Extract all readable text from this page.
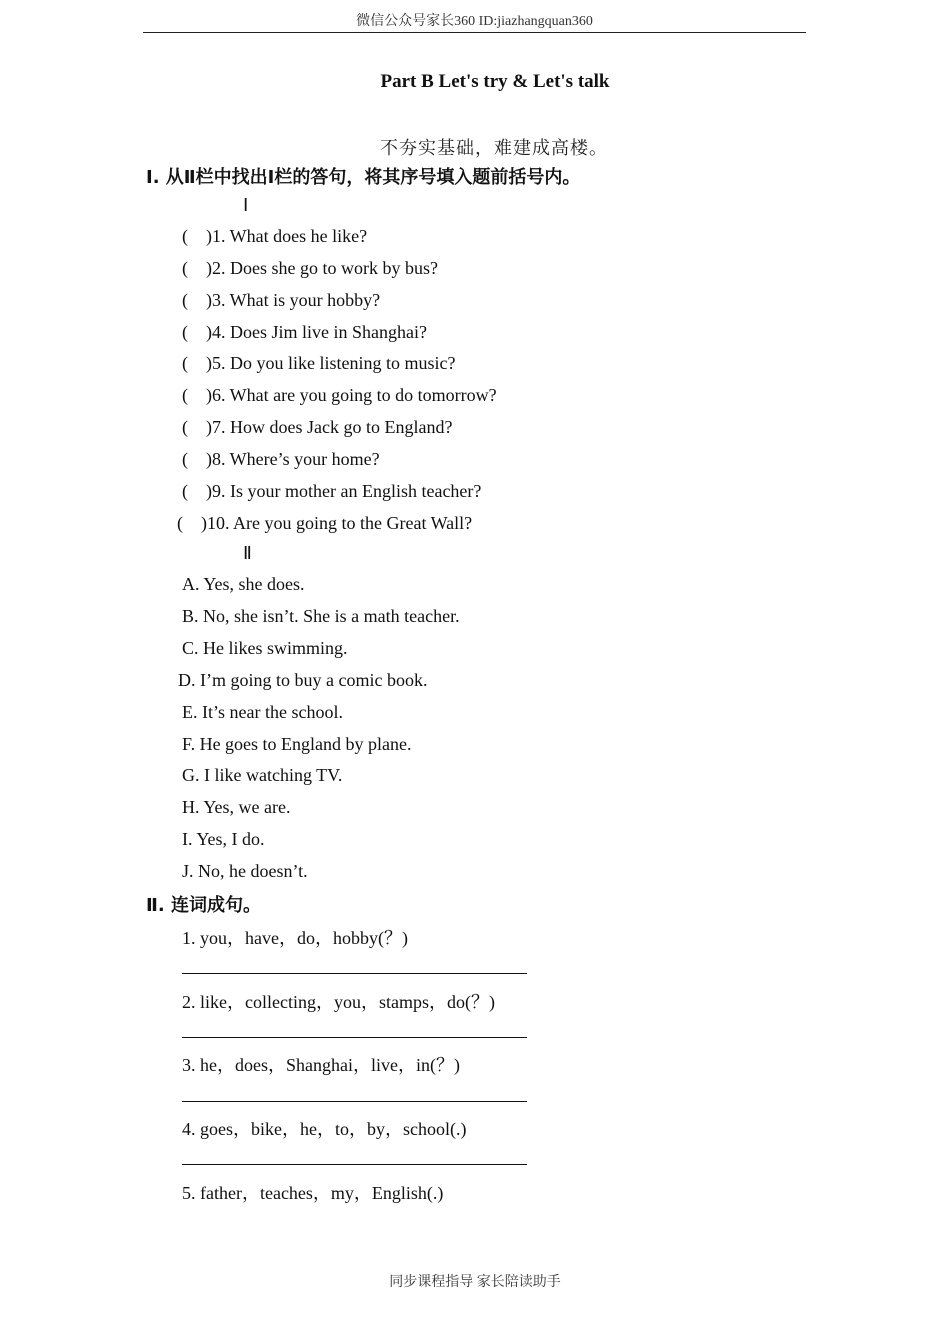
微信公众号家长360 ID:jiazhangquan360
Part B Let's try & Let's talk
不夯实基础，难建成高楼。
Ⅰ. 从Ⅱ栏中找出Ⅰ栏的答句，将其序号填入题前括号内。
Ⅰ
(    )1. What does he like?
(    )2. Does she go to work by bus?
(    )3. What is your hobby?
(    )4. Does Jim live in Shanghai?
(    )5. Do you like listening to music?
(    )6. What are you going to do tomorrow?
(    )7. How does Jack go to England?
(    )8. Where’s your home?
(    )9. Is your mother an English teacher?
(    )10. Are you going to the Great Wall?
Ⅱ
A. Yes, she does.
B. No, she isn’t. She is a math teacher.
C. He likes swimming.
D. I’m going to buy a comic book.
E. It’s near the school.
F. He goes to England by plane.
G. I like watching TV.
H. Yes, we are.
I. Yes, I do.
J. No, he doesn’t.
Ⅱ. 连词成句。
1. you，have，do，hobby(？)
2. like，collecting，you，stamps，do(？)
3. he，does，Shanghai，live，in(？)
4. goes，bike，he，to，by，school(.)
5. father，teaches，my，English(.)
同步课程指导 家长陪读助手
